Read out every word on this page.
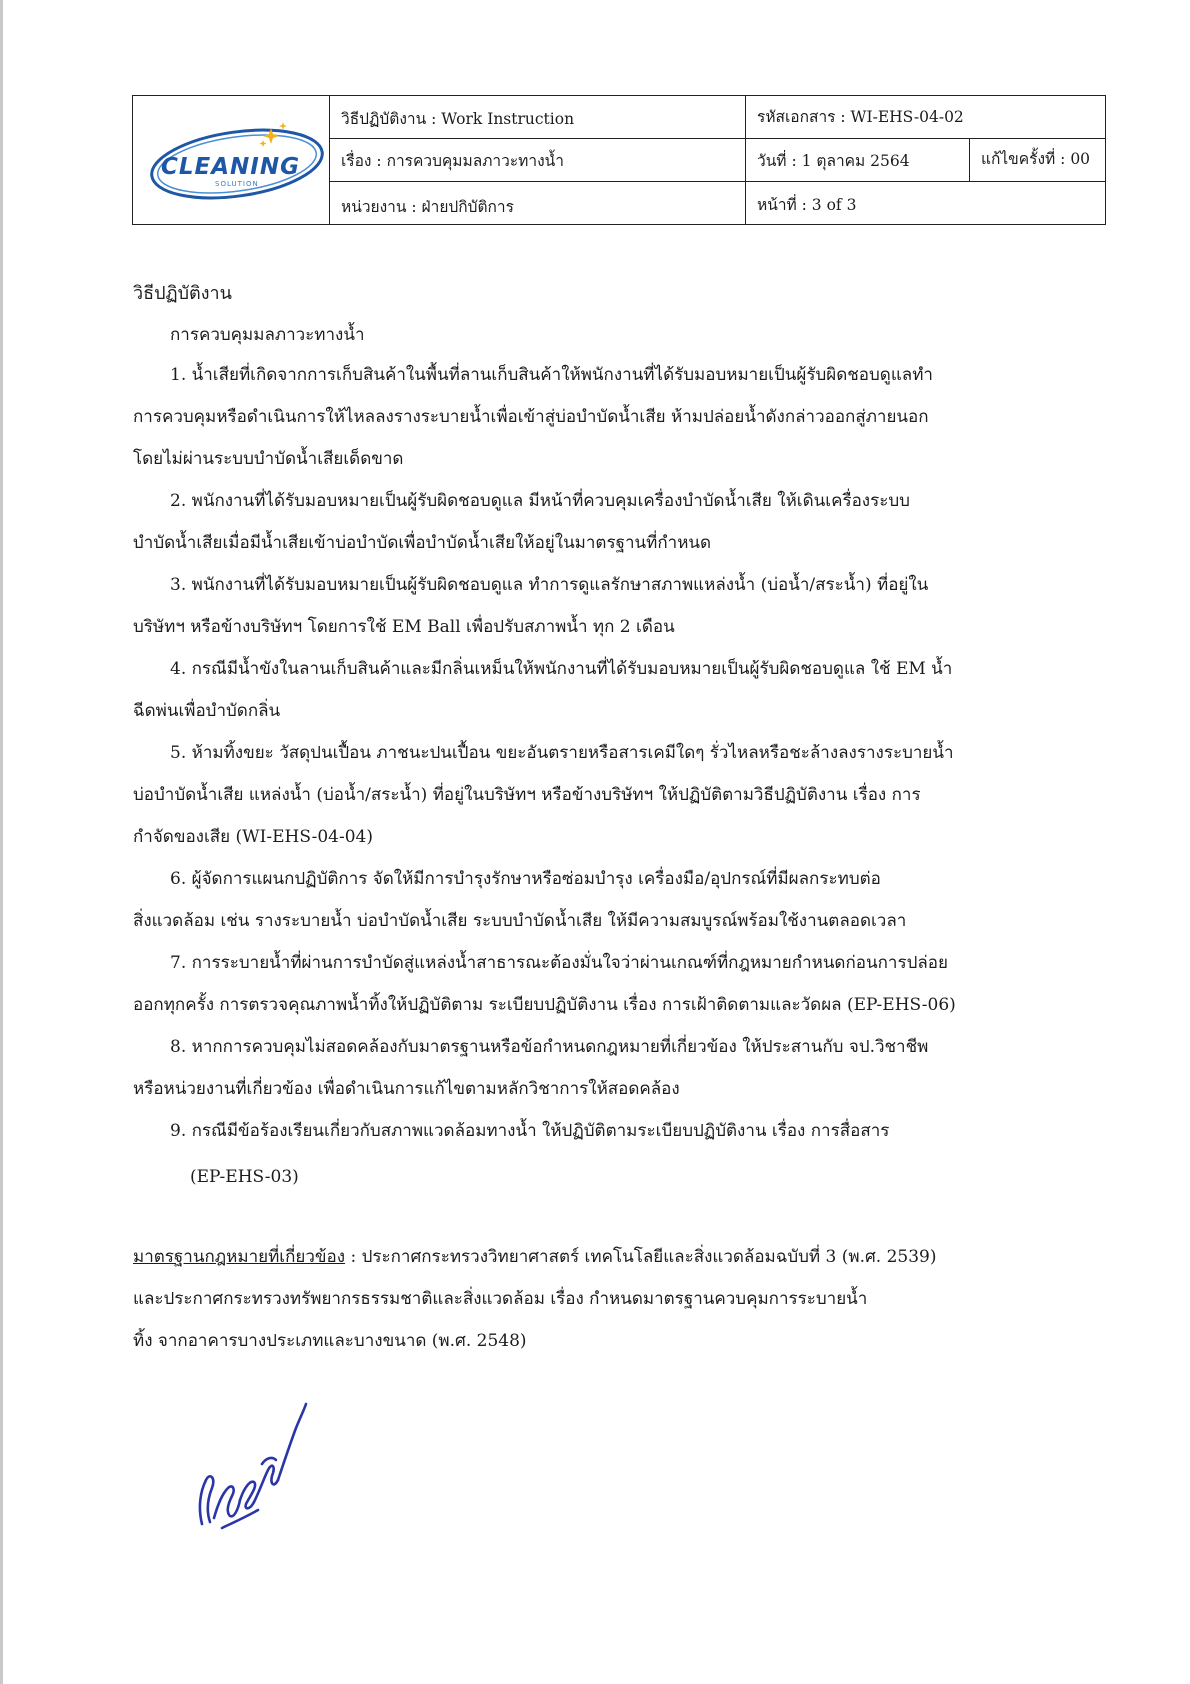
CLEANING
SOLUTION
วิธีปฏิบัติงาน : Work Instruction	รหัสเอกสาร : WI-EHS-04-02
เรื่อง : การควบคุมมลภาวะทางน้ำ	วันที่ : 1 ตุลาคม 2564	แก้ไขครั้งที่ : 00
หน่วยงาน : ฝ่ายปกิบัติการ	หน้าที่ : 3 of 3
วิธีปฏิบัติงาน
การควบคุมมลภาวะทางน้ำ
1. น้ำเสียที่เกิดจากการเก็บสินค้าในพื้นที่ลานเก็บสินค้าให้พนักงานที่ได้รับมอบหมายเป็นผู้รับผิดชอบดูแลทำ
การควบคุมหรือดำเนินการให้ไหลลงรางระบายน้ำเพื่อเข้าสู่บ่อบำบัดน้ำเสีย ห้ามปล่อยน้ำดังกล่าวออกสู่ภายนอก
โดยไม่ผ่านระบบบำบัดน้ำเสียเด็ดขาด
2. พนักงานที่ได้รับมอบหมายเป็นผู้รับผิดชอบดูแล มีหน้าที่ควบคุมเครื่องบำบัดน้ำเสีย ให้เดินเครื่องระบบ
บำบัดน้ำเสียเมื่อมีน้ำเสียเข้าบ่อบำบัดเพื่อบำบัดน้ำเสียให้อยู่ในมาตรฐานที่กำหนด
3. พนักงานที่ได้รับมอบหมายเป็นผู้รับผิดชอบดูแล ทำการดูแลรักษาสภาพแหล่งน้ำ (บ่อน้ำ/สระน้ำ) ที่อยู่ใน
บริษัทฯ หรือข้างบริษัทฯ โดยการใช้ EM Ball เพื่อปรับสภาพน้ำ ทุก 2 เดือน
4. กรณีมีน้ำขังในลานเก็บสินค้าและมีกลิ่นเหม็นให้พนักงานที่ได้รับมอบหมายเป็นผู้รับผิดชอบดูแล ใช้ EM น้ำ
ฉีดพ่นเพื่อบำบัดกลิ่น
5. ห้ามทิ้งขยะ วัสดุปนเปื้อน ภาชนะปนเปื้อน ขยะอันตรายหรือสารเคมีใดๆ รั่วไหลหรือชะล้างลงรางระบายน้ำ
บ่อบำบัดน้ำเสีย แหล่งน้ำ (บ่อน้ำ/สระน้ำ) ที่อยู่ในบริษัทฯ หรือข้างบริษัทฯ ให้ปฏิบัติตามวิธีปฏิบัติงาน เรื่อง การ
กำจัดของเสีย (WI-EHS-04-04)
6. ผู้จัดการแผนกปฏิบัติการ จัดให้มีการบำรุงรักษาหรือซ่อมบำรุง เครื่องมือ/อุปกรณ์ที่มีผลกระทบต่อ
สิ่งแวดล้อม เช่น รางระบายน้ำ บ่อบำบัดน้ำเสีย ระบบบำบัดน้ำเสีย ให้มีความสมบูรณ์พร้อมใช้งานตลอดเวลา
7. การระบายน้ำที่ผ่านการบำบัดสู่แหล่งน้ำสาธารณะต้องมั่นใจว่าผ่านเกณฑ์ที่กฎหมายกำหนดก่อนการปล่อย
ออกทุกครั้ง การตรวจคุณภาพน้ำทิ้งให้ปฏิบัติตาม ระเบียบปฏิบัติงาน เรื่อง การเฝ้าติดตามและวัดผล (EP-EHS-06)
8. หากการควบคุมไม่สอดคล้องกับมาตรฐานหรือข้อกำหนดกฎหมายที่เกี่ยวข้อง ให้ประสานกับ จป.วิชาชีพ
หรือหน่วยงานที่เกี่ยวข้อง เพื่อดำเนินการแก้ไขตามหลักวิชาการให้สอดคล้อง
9. กรณีมีข้อร้องเรียนเกี่ยวกับสภาพแวดล้อมทางน้ำ ให้ปฏิบัติตามระเบียบปฏิบัติงาน เรื่อง การสื่อสาร
(EP-EHS-03)
มาตรฐานกฎหมายที่เกี่ยวข้อง : ประกาศกระทรวงวิทยาศาสตร์ เทคโนโลยีและสิ่งแวดล้อมฉบับที่ 3 (พ.ศ. 2539)
และประกาศกระทรวงทรัพยากรธรรมชาติและสิ่งแวดล้อม เรื่อง กำหนดมาตรฐานควบคุมการระบายน้ำ
ทิ้ง จากอาคารบางประเภทและบางขนาด (พ.ศ. 2548)
